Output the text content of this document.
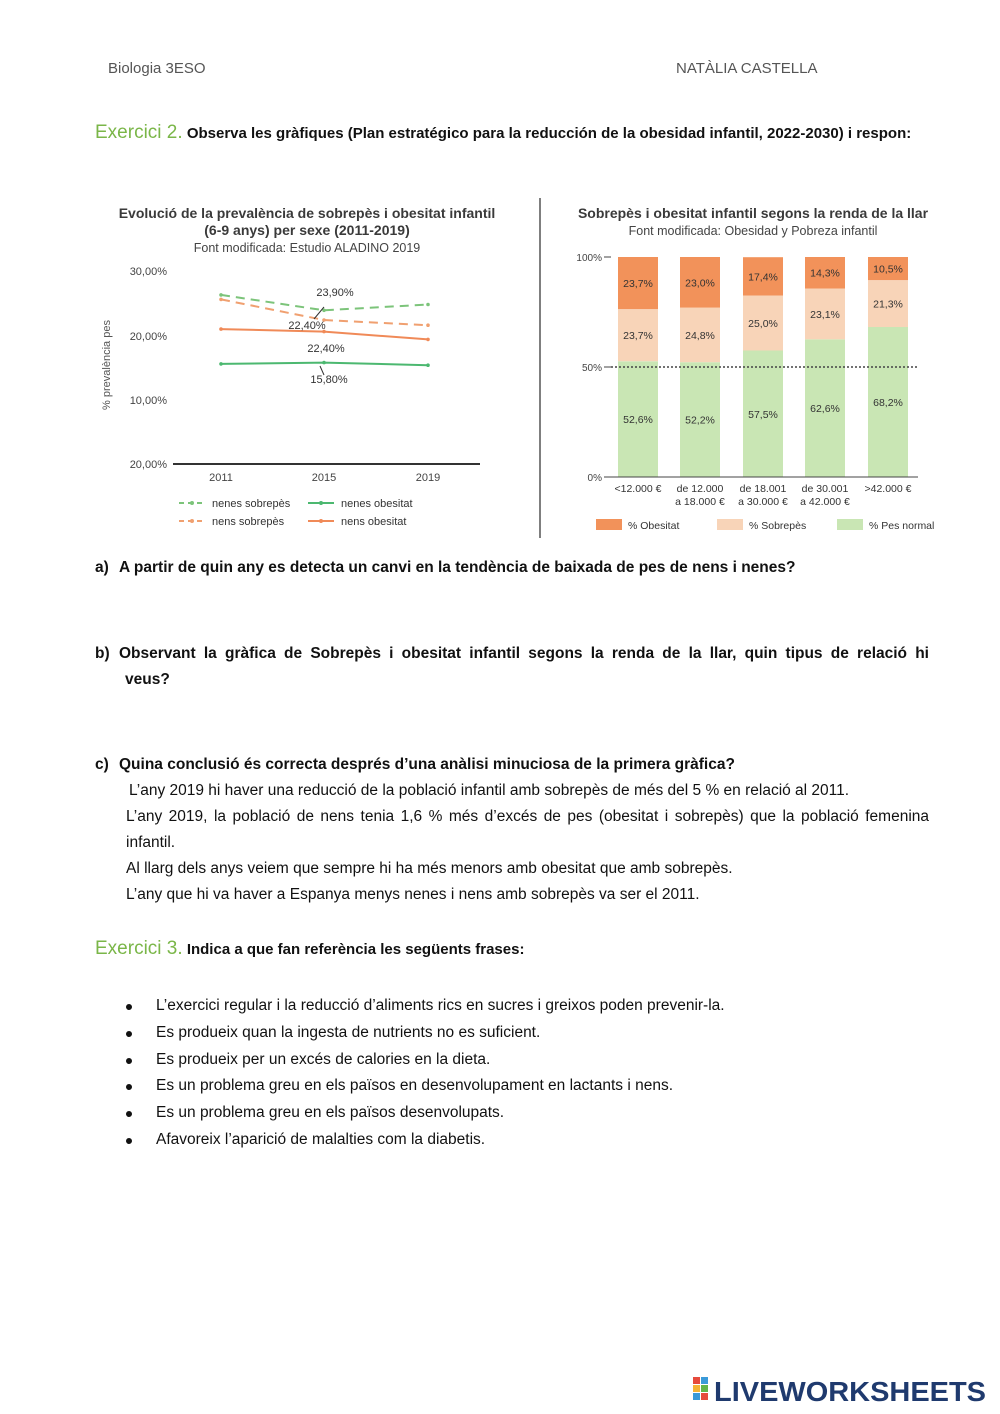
Biologia 3ESO	NATÀLIA CASTELLA
Exercici 2. Observa les gràfiques (Plan estratégico para la reducción de la obesidad infantil, 2022-2030) i respon:
Evolució de la prevalència de sobrepès i obesitat infantil
(6-9 anys) per sexe (2011-2019)
Font modificada: Estudio ALADINO 2019
% prevalència pes
30,00%
20,00%
10,00%
20,00%
2011	2015	2019
23,90%
22,40%
22,40%
15,80%
nenes sobrepès	nenes obesitat
nens sobrepès	nens obesitat
Sobrepès i obesitat infantil segons la renda de la llar
Font modificada: Obesidad y Pobreza infantil
100%
50%
0%
52,6%
23,7%
23,7%
52,2%
24,8%
23,0%
57,5%
25,0%
17,4%
62,6%
23,1%
14,3%
68,2%
21,3%
10,5%
<12.000 € de 12.000
a 18.000 €
de 18.001
a 30.000 €
de 30.001
a 42.000 €
>42.000 €
% Obesitat	% Sobrepès	% Pes normal
a) A partir de quin any es detecta un canvi en la tendència de baixada de pes de nens i nenes?
b) Observant la gràfica de Sobrepès i obesitat infantil segons la renda de la llar, quin tipus de relació hi
veus?
c) Quina conclusió és correcta després d’una anàlisi minuciosa de la primera gràfica?
L’any 2019 hi haver una reducció de la població infantil amb sobrepès de més del 5 % en relació al 2011.
L’any 2019, la població de nens tenia 1,6 % més d’excés de pes (obesitat i sobrepès) que la població femenina infantil.
Al llarg dels anys veiem que sempre hi ha més menors amb obesitat que amb sobrepès.
L’any que hi va haver a Espanya menys nenes i nens amb sobrepès va ser el 2011.
Exercici 3. Indica a que fan referència les següents frases:
L’exercici regular i la reducció d’aliments rics en sucres i greixos poden prevenir-la.
Es produeix quan la ingesta de nutrients no es suficient.
Es produeix per un excés de calories en la dieta.
Es un problema greu en els països en desenvolupament en lactants i nens.
Es un problema greu en els països desenvolupats.
Afavoreix l’aparició de malalties com la diabetis.
LIVE LIVEWORKSHEETS
